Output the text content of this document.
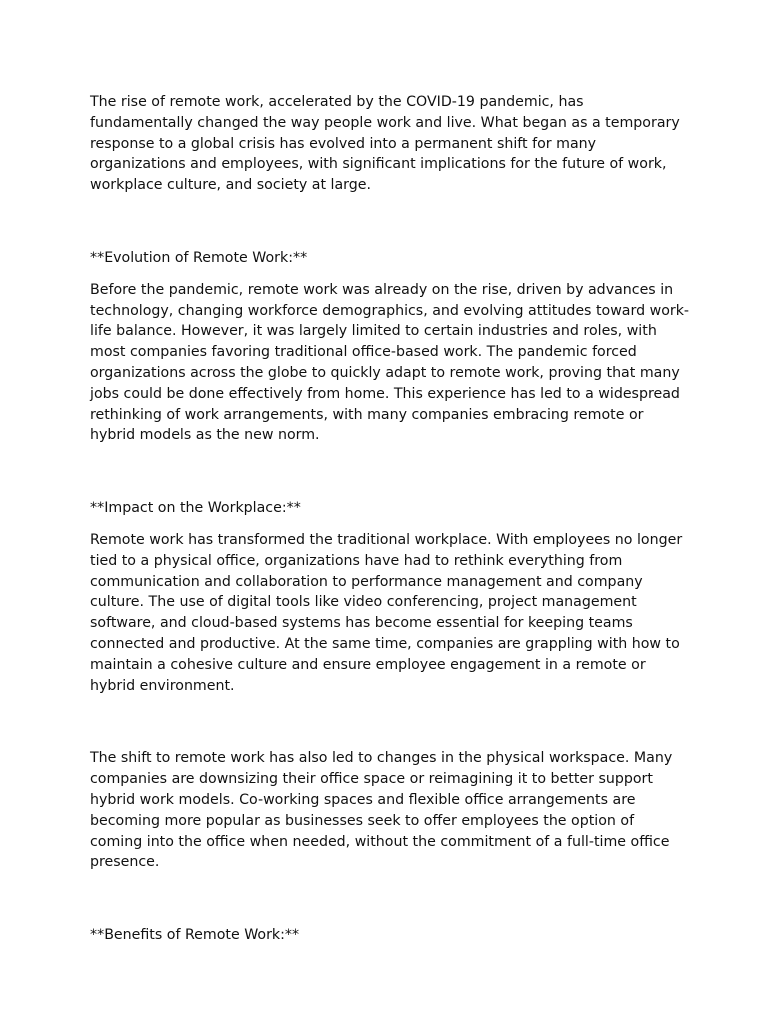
The rise of remote work, accelerated by the COVID-19 pandemic, has fundamentally changed the way people work and live. What began as a temporary response to a global crisis has evolved into a permanent shift for many organizations and employees, with significant implications for the future of work, workplace culture, and society at large.

**Evolution of Remote Work:**

Before the pandemic, remote work was already on the rise, driven by advances in technology, changing workforce demographics, and evolving attitudes toward work-life balance. However, it was largely limited to certain industries and roles, with most companies favoring traditional office-based work. The pandemic forced organizations across the globe to quickly adapt to remote work, proving that many jobs could be done effectively from home. This experience has led to a widespread rethinking of work arrangements, with many companies embracing remote or hybrid models as the new norm.

**Impact on the Workplace:**

Remote work has transformed the traditional workplace. With employees no longer tied to a physical office, organizations have had to rethink everything from communication and collaboration to performance management and company culture. The use of digital tools like video conferencing, project management software, and cloud-based systems has become essential for keeping teams connected and productive. At the same time, companies are grappling with how to maintain a cohesive culture and ensure employee engagement in a remote or hybrid environment.

The shift to remote work has also led to changes in the physical workspace. Many companies are downsizing their office space or reimagining it to better support hybrid work models. Co-working spaces and flexible office arrangements are becoming more popular as businesses seek to offer employees the option of coming into the office when needed, without the commitment of a full-time office presence.

**Benefits of Remote Work:**
